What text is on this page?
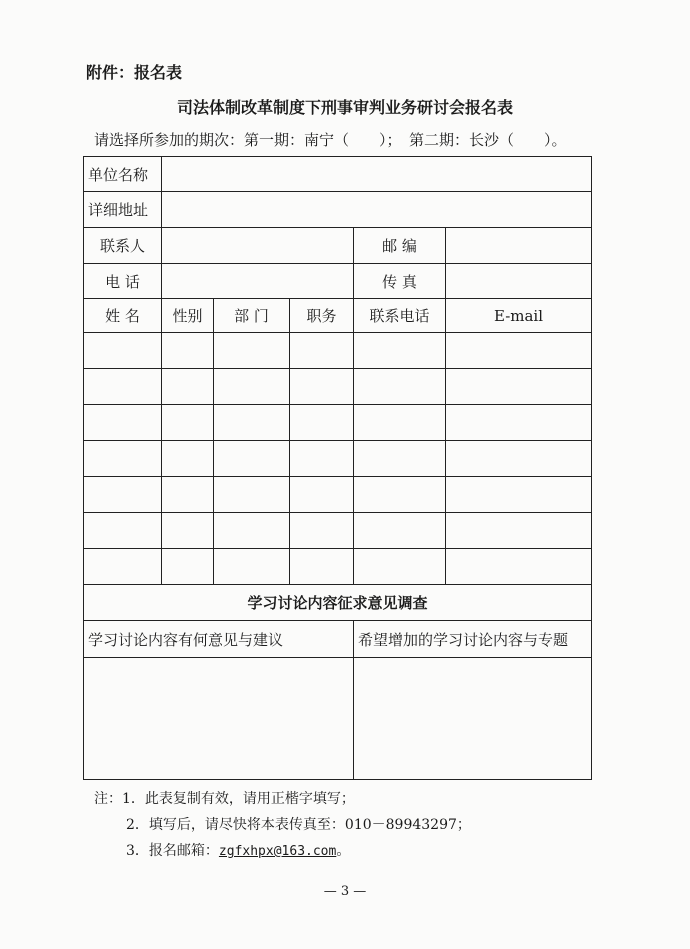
附件：报名表
司法体制改革制度下刑事审判业务研讨会报名表
请选择所参加的期次：第一期：南宁（　　）；　第二期：长沙（　　）。
单位名称					
详细地址					
联系人				邮 编	
电 话				传 真	
姓 名	性别	部 门	职务	联系电话	E-mail

学习讨论内容征求意见调查					
学习讨论内容有何意见与建议				希望增加的学习讨论内容与专题	

注：1．此表复制有效，请用正楷字填写；
2．填写后，请尽快将本表传真至：010－89943297；
3．报名邮箱：zgfxhpx@163.com。
— 3 —
